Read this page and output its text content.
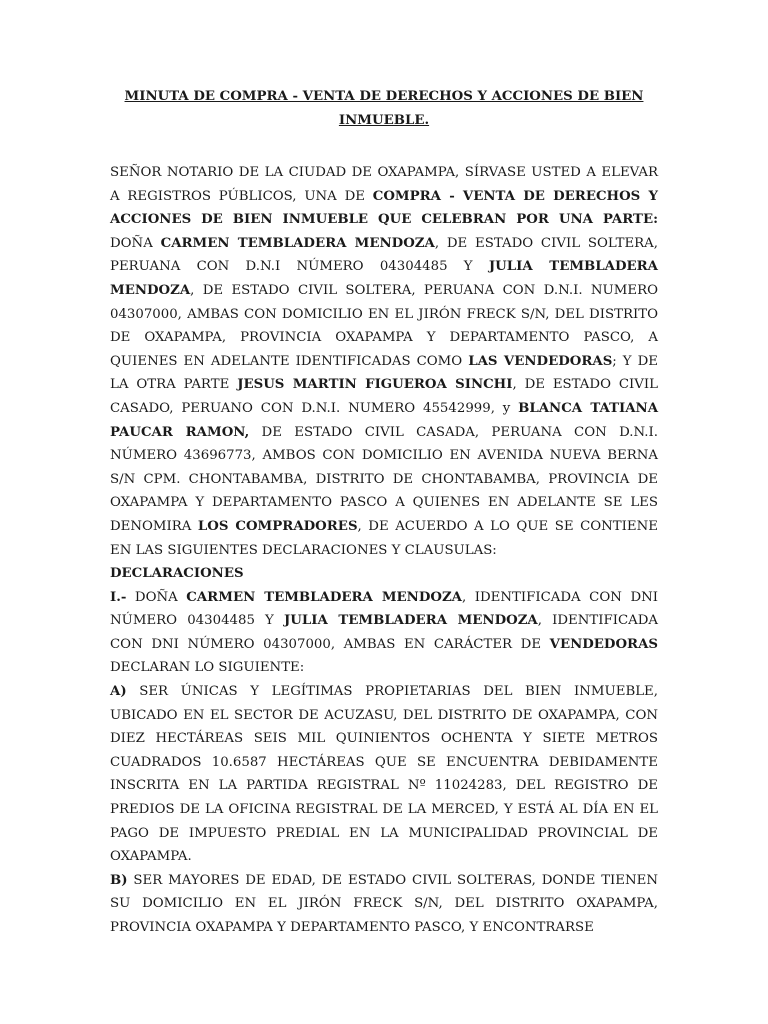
MINUTA DE COMPRA - VENTA DE DERECHOS Y ACCIONES DE BIEN
INMUEBLE.

SEÑOR NOTARIO DE LA CIUDAD DE OXAPAMPA, SÍRVASE USTED A ELEVAR A REGISTROS PÚBLICOS, UNA DE COMPRA - VENTA DE DERECHOS Y ACCIONES DE BIEN INMUEBLE QUE CELEBRAN POR UNA PARTE: DOÑA CARMEN TEMBLADERA MENDOZA, DE ESTADO CIVIL SOLTERA, PERUANA CON D.N.I NÚMERO 04304485 Y JULIA TEMBLADERA MENDOZA, DE ESTADO CIVIL SOLTERA, PERUANA CON D.N.I. NUMERO 04307000, AMBAS CON DOMICILIO EN EL JIRÓN FRECK S/N, DEL DISTRITO DE OXAPAMPA, PROVINCIA OXAPAMPA Y DEPARTAMENTO PASCO, A QUIENES EN ADELANTE IDENTIFICADAS COMO LAS VENDEDORAS; Y DE LA OTRA PARTE JESUS MARTIN FIGUEROA SINCHI, DE ESTADO CIVIL CASADO, PERUANO CON D.N.I. NUMERO 45542999, y BLANCA TATIANA PAUCAR RAMON, DE ESTADO CIVIL CASADA, PERUANA CON D.N.I. NÚMERO 43696773, AMBOS CON DOMICILIO EN AVENIDA NUEVA BERNA S/N CPM. CHONTABAMBA, DISTRITO DE CHONTABAMBA, PROVINCIA DE OXAPAMPA Y DEPARTAMENTO PASCO A QUIENES EN ADELANTE SE LES DENOMIRA LOS COMPRADORES, DE ACUERDO A LO QUE SE CONTIENE EN LAS SIGUIENTES DECLARACIONES Y CLAUSULAS:

DECLARACIONES

I.- DOÑA CARMEN TEMBLADERA MENDOZA, IDENTIFICADA CON DNI NÚMERO 04304485 Y JULIA TEMBLADERA MENDOZA, IDENTIFICADA CON DNI NÚMERO 04307000, AMBAS EN CARÁCTER DE VENDEDORAS DECLARAN LO SIGUIENTE:

A) SER ÚNICAS Y LEGÍTIMAS PROPIETARIAS DEL BIEN INMUEBLE, UBICADO EN EL SECTOR DE ACUZASU, DEL DISTRITO DE OXAPAMPA, CON DIEZ HECTÁREAS SEIS MIL QUINIENTOS OCHENTA Y SIETE METROS CUADRADOS 10.6587 HECTÁREAS QUE SE ENCUENTRA DEBIDAMENTE INSCRITA EN LA PARTIDA REGISTRAL Nº 11024283, DEL REGISTRO DE PREDIOS DE LA OFICINA REGISTRAL DE LA MERCED, Y ESTÁ AL DÍA EN EL PAGO DE IMPUESTO PREDIAL EN LA MUNICIPALIDAD PROVINCIAL DE OXAPAMPA.

B) SER MAYORES DE EDAD, DE ESTADO CIVIL SOLTERAS, DONDE TIENEN SU DOMICILIO EN EL JIRÓN FRECK S/N, DEL DISTRITO OXAPAMPA, PROVINCIA OXAPAMPA Y DEPARTAMENTO PASCO, Y ENCONTRARSE
